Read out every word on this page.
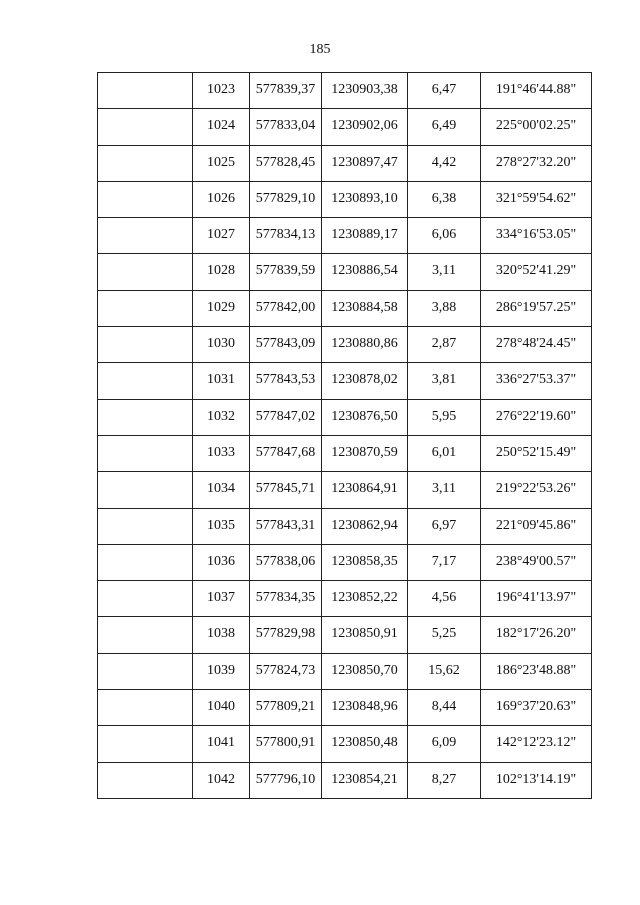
185
	1023	577839,37	1230903,38	6,47	191°46'44.88"
	1024	577833,04	1230902,06	6,49	225°00'02.25"
	1025	577828,45	1230897,47	4,42	278°27'32.20"
	1026	577829,10	1230893,10	6,38	321°59'54.62"
	1027	577834,13	1230889,17	6,06	334°16'53.05"
	1028	577839,59	1230886,54	3,11	320°52'41.29"
	1029	577842,00	1230884,58	3,88	286°19'57.25"
	1030	577843,09	1230880,86	2,87	278°48'24.45"
	1031	577843,53	1230878,02	3,81	336°27'53.37"
	1032	577847,02	1230876,50	5,95	276°22'19.60"
	1033	577847,68	1230870,59	6,01	250°52'15.49"
	1034	577845,71	1230864,91	3,11	219°22'53.26"
	1035	577843,31	1230862,94	6,97	221°09'45.86"
	1036	577838,06	1230858,35	7,17	238°49'00.57"
	1037	577834,35	1230852,22	4,56	196°41'13.97"
	1038	577829,98	1230850,91	5,25	182°17'26.20"
	1039	577824,73	1230850,70	15,62	186°23'48.88"
	1040	577809,21	1230848,96	8,44	169°37'20.63"
	1041	577800,91	1230850,48	6,09	142°12'23.12"
	1042	577796,10	1230854,21	8,27	102°13'14.19"
